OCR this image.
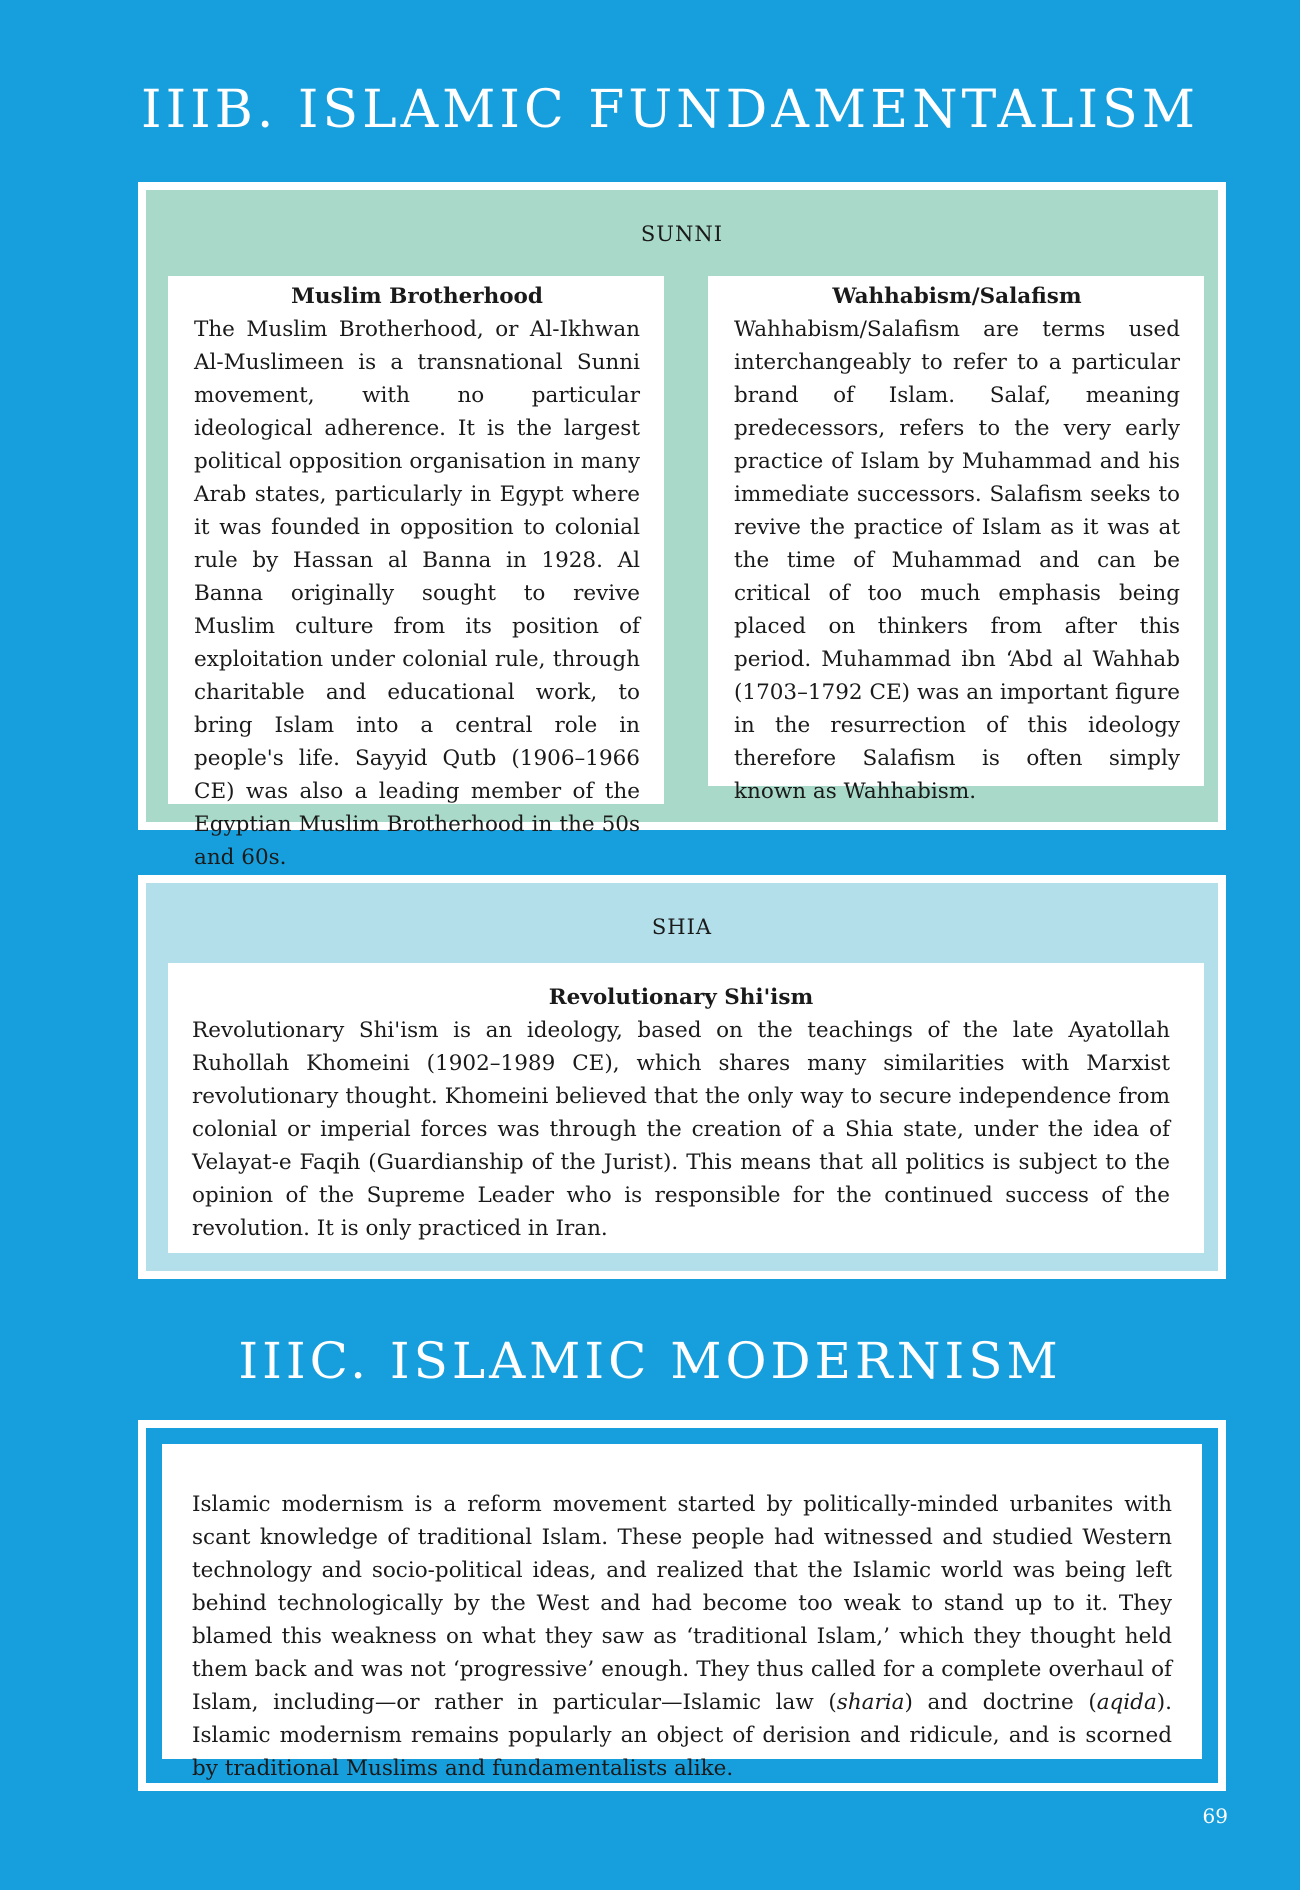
IIIB. ISLAMIC FUNDAMENTALISM
SUNNI
Muslim Brotherhood
The Muslim Brotherhood, or Al-Ikhwan Al-Muslimeen is a transnational Sunni movement, with no particular ideological adherence. It is the largest political opposition organisation in many Arab states, particularly in Egypt where it was founded in opposition to colonial rule by Hassan al Banna in 1928. Al Banna originally sought to revive Muslim culture from its position of exploitation under colonial rule, through charitable and educational work, to bring Islam into a central role in people's life. Sayyid Qutb (1906–1966 CE) was also a leading member of the Egyptian Muslim Brotherhood in the 50s and 60s.
Wahhabism/Salafism
Wahhabism/Salafism are terms used interchangeably to refer to a particular brand of Islam. Salaf, meaning predecessors, refers to the very early practice of Islam by Muhammad and his immediate successors. Salafism seeks to revive the practice of Islam as it was at the time of Muhammad and can be critical of too much emphasis being placed on thinkers from after this period. Muhammad ibn ‘Abd al Wahhab (1703–1792 CE) was an important figure in the resurrection of this ideology therefore Salafism is often simply known as Wahhabism.
SHIA
Revolutionary Shi'ism
Revolutionary Shi'ism is an ideology, based on the teachings of the late Ayatollah Ruhollah Khomeini (1902–1989 CE), which shares many similarities with Marxist revolutionary thought. Khomeini believed that the only way to secure independence from colonial or imperial forces was through the creation of a Shia state, under the idea of Velayat-e Faqih (Guardianship of the Jurist). This means that all politics is subject to the opinion of the Supreme Leader who is responsible for the continued success of the revolution. It is only practiced in Iran.
IIIC. ISLAMIC MODERNISM
Islamic modernism is a reform movement started by politically-minded urbanites with scant knowledge of traditional Islam. These people had witnessed and studied Western technology and socio-political ideas, and realized that the Islamic world was being left behind technologically by the West and had become too weak to stand up to it. They blamed this weakness on what they saw as ‘traditional Islam,’ which they thought held them back and was not ‘progressive’ enough. They thus called for a complete overhaul of Islam, including—or rather in particular—Islamic law (sharia) and doctrine (aqida). Islamic modernism remains popularly an object of derision and ridicule, and is scorned by traditional Muslims and fundamentalists alike.
69
